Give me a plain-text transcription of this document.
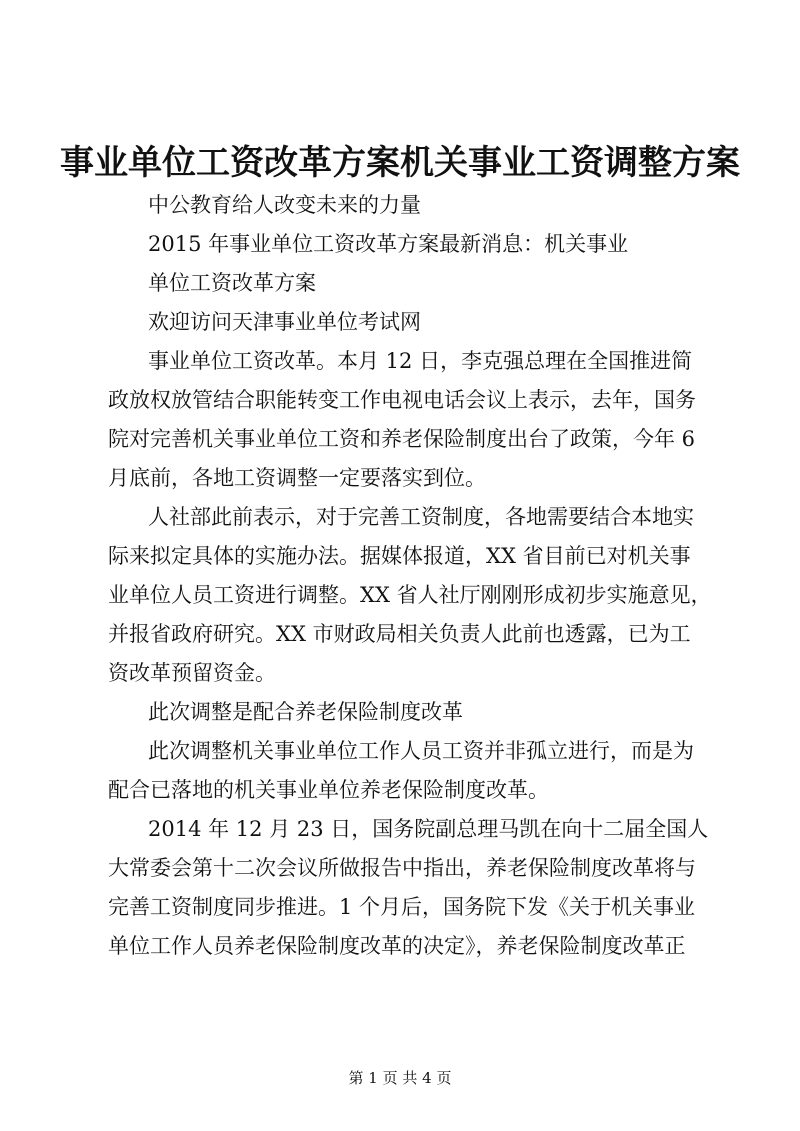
事业单位工资改革方案机关事业工资调整方案
中公教育给人改变未来的力量
2015 年事业单位工资改革方案最新消息：机关事业
单位工资改革方案
欢迎访问天津事业单位考试网
事业单位工资改革。本月 12 日，李克强总理在全国推进简
政放权放管结合职能转变工作电视电话会议上表示，去年，国务
院对完善机关事业单位工资和养老保险制度出台了政策，今年 6
月底前，各地工资调整一定要落实到位。
人社部此前表示，对于完善工资制度，各地需要结合本地实
际来拟定具体的实施办法。据媒体报道，XX 省目前已对机关事
业单位人员工资进行调整。XX 省人社厅刚刚形成初步实施意见，
并报省政府研究。XX 市财政局相关负责人此前也透露，已为工
资改革预留资金。
此次调整是配合养老保险制度改革
此次调整机关事业单位工作人员工资并非孤立进行，而是为
配合已落地的机关事业单位养老保险制度改革。
2014 年 12 月 23 日，国务院副总理马凯在向十二届全国人
大常委会第十二次会议所做报告中指出，养老保险制度改革将与
完善工资制度同步推进。1 个月后，国务院下发《关于机关事业
单位工作人员养老保险制度改革的决定》，养老保险制度改革正
第 1 页 共 4 页
